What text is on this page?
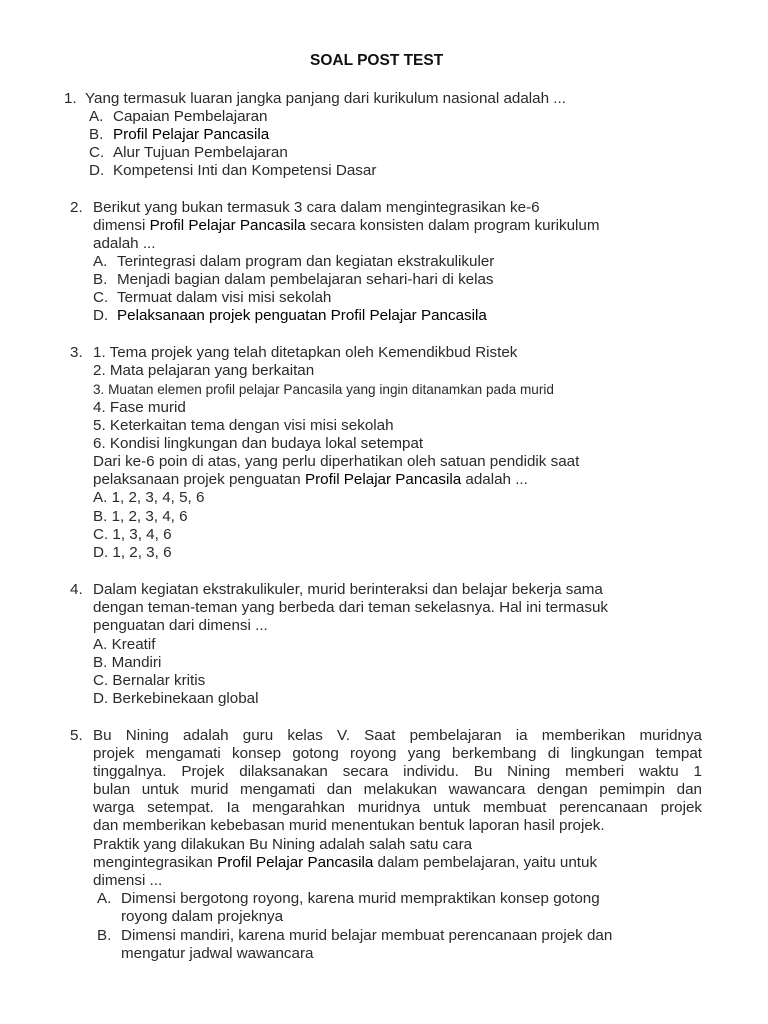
SOAL POST TEST
1. Yang termasuk luaran jangka panjang dari kurikulum nasional adalah ...
A. Capaian Pembelajaran
B. Profil Pelajar Pancasila
C. Alur Tujuan Pembelajaran
D. Kompetensi Inti dan Kompetensi Dasar
2. Berikut yang bukan termasuk 3 cara dalam mengintegrasikan ke-6
dimensi Profil Pelajar Pancasila secara konsisten dalam program kurikulum
adalah ...
A. Terintegrasi dalam program dan kegiatan ekstrakulikuler
B. Menjadi bagian dalam pembelajaran sehari-hari di kelas
C. Termuat dalam visi misi sekolah
D. Pelaksanaan projek penguatan Profil Pelajar Pancasila
3. 1. Tema projek yang telah ditetapkan oleh Kemendikbud Ristek
2. Mata pelajaran yang berkaitan
3. Muatan elemen profil pelajar Pancasila yang ingin ditanamkan pada murid
4. Fase murid
5. Keterkaitan tema dengan visi misi sekolah
6. Kondisi lingkungan dan budaya lokal setempat
Dari ke-6 poin di atas, yang perlu diperhatikan oleh satuan pendidik saat
pelaksanaan projek penguatan Profil Pelajar Pancasila adalah ...
A. 1, 2, 3, 4, 5, 6
B. 1, 2, 3, 4, 6
C. 1, 3, 4, 6
D. 1, 2, 3, 6
4. Dalam kegiatan ekstrakulikuler, murid berinteraksi dan belajar bekerja sama
dengan teman-teman yang berbeda dari teman sekelasnya. Hal ini termasuk
penguatan dari dimensi ...
A. Kreatif
B. Mandiri
C. Bernalar kritis
D. Berkebinekaan global
5. Bu Nining adalah guru kelas V. Saat pembelajaran ia memberikan muridnya
projek mengamati konsep gotong royong yang berkembang di lingkungan tempat
tinggalnya. Projek dilaksanakan secara individu. Bu Nining memberi waktu 1
bulan untuk murid mengamati dan melakukan wawancara dengan pemimpin dan
warga setempat. Ia mengarahkan muridnya untuk membuat perencanaan projek
dan memberikan kebebasan murid menentukan bentuk laporan hasil projek.
Praktik yang dilakukan Bu Nining adalah salah satu cara
mengintegrasikan Profil Pelajar Pancasila dalam pembelajaran, yaitu untuk
dimensi ...
A. Dimensi bergotong royong, karena murid mempraktikan konsep gotong
royong dalam projeknya
B. Dimensi mandiri, karena murid belajar membuat perencanaan projek dan
mengatur jadwal wawancara
